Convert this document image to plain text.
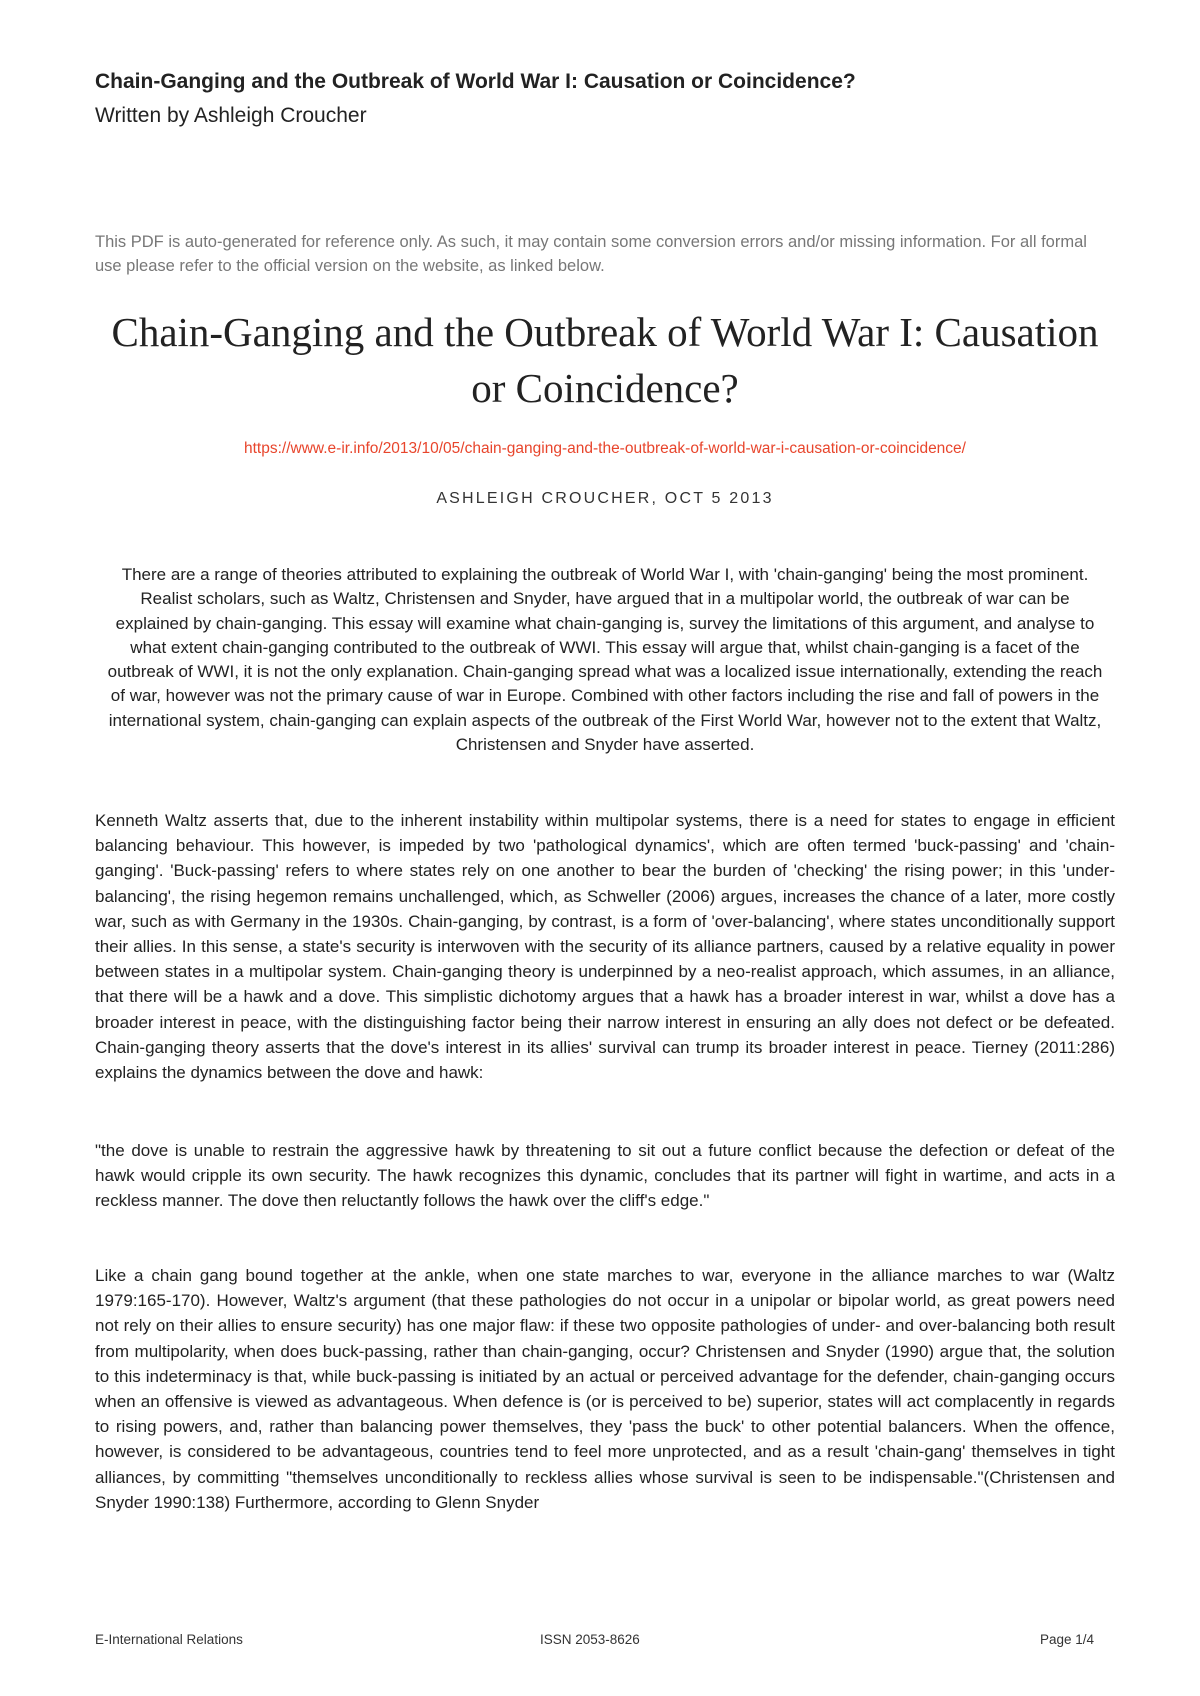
Chain-Ganging and the Outbreak of World War I: Causation or Coincidence?
Written by Ashleigh Croucher
This PDF is auto-generated for reference only. As such, it may contain some conversion errors and/or missing information. For all formal use please refer to the official version on the website, as linked below.
Chain-Ganging and the Outbreak of World War I: Causation or Coincidence?
https://www.e-ir.info/2013/10/05/chain-ganging-and-the-outbreak-of-world-war-i-causation-or-coincidence/
ASHLEIGH CROUCHER, OCT 5 2013
There are a range of theories attributed to explaining the outbreak of World War I, with 'chain-ganging' being the most prominent. Realist scholars, such as Waltz, Christensen and Snyder, have argued that in a multipolar world, the outbreak of war can be explained by chain-ganging. This essay will examine what chain-ganging is, survey the limitations of this argument, and analyse to what extent chain-ganging contributed to the outbreak of WWI. This essay will argue that, whilst chain-ganging is a facet of the outbreak of WWI, it is not the only explanation. Chain-ganging spread what was a localized issue internationally, extending the reach of war, however was not the primary cause of war in Europe. Combined with other factors including the rise and fall of powers in the international system, chain-ganging can explain aspects of the outbreak of the First World War, however not to the extent that Waltz, Christensen and Snyder have asserted.

Kenneth Waltz asserts that, due to the inherent instability within multipolar systems, there is a need for states to engage in efficient balancing behaviour. This however, is impeded by two 'pathological dynamics', which are often termed 'buck-passing' and 'chain-ganging'. 'Buck-passing' refers to where states rely on one another to bear the burden of 'checking' the rising power; in this 'under-balancing', the rising hegemon remains unchallenged, which, as Schweller (2006) argues, increases the chance of a later, more costly war, such as with Germany in the 1930s. Chain-ganging, by contrast, is a form of 'over-balancing', where states unconditionally support their allies. In this sense, a state's security is interwoven with the security of its alliance partners, caused by a relative equality in power between states in a multipolar system. Chain-ganging theory is underpinned by a neo-realist approach, which assumes, in an alliance, that there will be a hawk and a dove. This simplistic dichotomy argues that a hawk has a broader interest in war, whilst a dove has a broader interest in peace, with the distinguishing factor being their narrow interest in ensuring an ally does not defect or be defeated. Chain-ganging theory asserts that the dove's interest in its allies' survival can trump its broader interest in peace. Tierney (2011:286) explains the dynamics between the dove and hawk:

"the dove is unable to restrain the aggressive hawk by threatening to sit out a future conflict because the defection or defeat of the hawk would cripple its own security. The hawk recognizes this dynamic, concludes that its partner will fight in wartime, and acts in a reckless manner. The dove then reluctantly follows the hawk over the cliff's edge."

Like a chain gang bound together at the ankle, when one state marches to war, everyone in the alliance marches to war (Waltz 1979:165-170). However, Waltz's argument (that these pathologies do not occur in a unipolar or bipolar world, as great powers need not rely on their allies to ensure security) has one major flaw: if these two opposite pathologies of under- and over-balancing both result from multipolarity, when does buck-passing, rather than chain-ganging, occur? Christensen and Snyder (1990) argue that, the solution to this indeterminacy is that, while buck-passing is initiated by an actual or perceived advantage for the defender, chain-ganging occurs when an offensive is viewed as advantageous. When defence is (or is perceived to be) superior, states will act complacently in regards to rising powers, and, rather than balancing power themselves, they 'pass the buck' to other potential balancers. When the offence, however, is considered to be advantageous, countries tend to feel more unprotected, and as a result 'chain-gang' themselves in tight alliances, by committing "themselves unconditionally to reckless allies whose survival is seen to be indispensable."(Christensen and Snyder 1990:138) Furthermore, according to Glenn Snyder

E-International Relations	ISSN 2053-8626	Page 1/4
